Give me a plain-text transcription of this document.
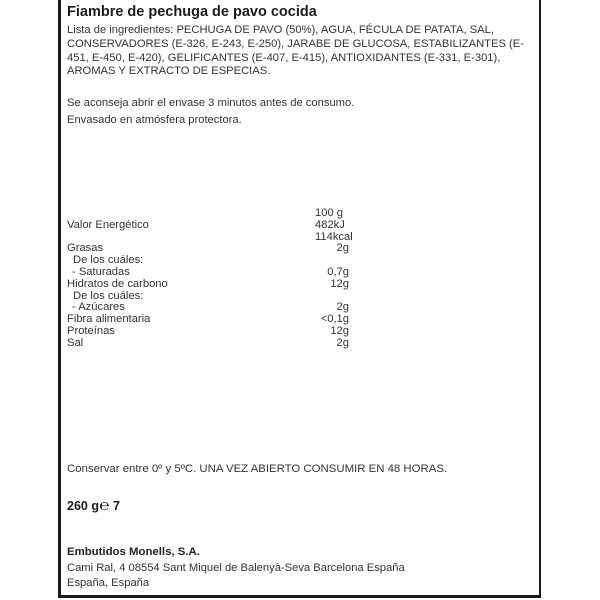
Fiambre de pechuga de pavo cocida
Lista de ingredientes: PECHUGA DE PAVO (50%), AGUA, FÉCULA DE PATATA, SAL, CONSERVADORES (E-326, E-243, E-250), JARABE DE GLUCOSA, ESTABILIZANTES (E-451, E-450, E-420), GELIFICANTES (E-407, E-415), ANTIOXIDANTES (E-331, E-301), AROMAS Y EXTRACTO DE ESPECIAS.
Se aconseja abrir el envase 3 minutos antes de consumo.
Envasado en atmósfera protectora.
100 g
Valor Energético	482kJ
114kcal
Grasas	2g
De los cuáles:
- Saturadas	0,7g
Hidratos de carbono	12g
De los cuáles:
- Azúcares	2g
Fibra alimentaria	<0,1g
Proteínas	12g
Sal	2g
Conservar entre 0º y 5ºC. UNA VEZ ABIERTO CONSUMIR EN 48 HORAS.
260 g℮ 7
Embutidos Monells, S.A.
Cami Ral, 4 08554 Sant Miquel de Balenyà-Seva Barcelona España
España, España
